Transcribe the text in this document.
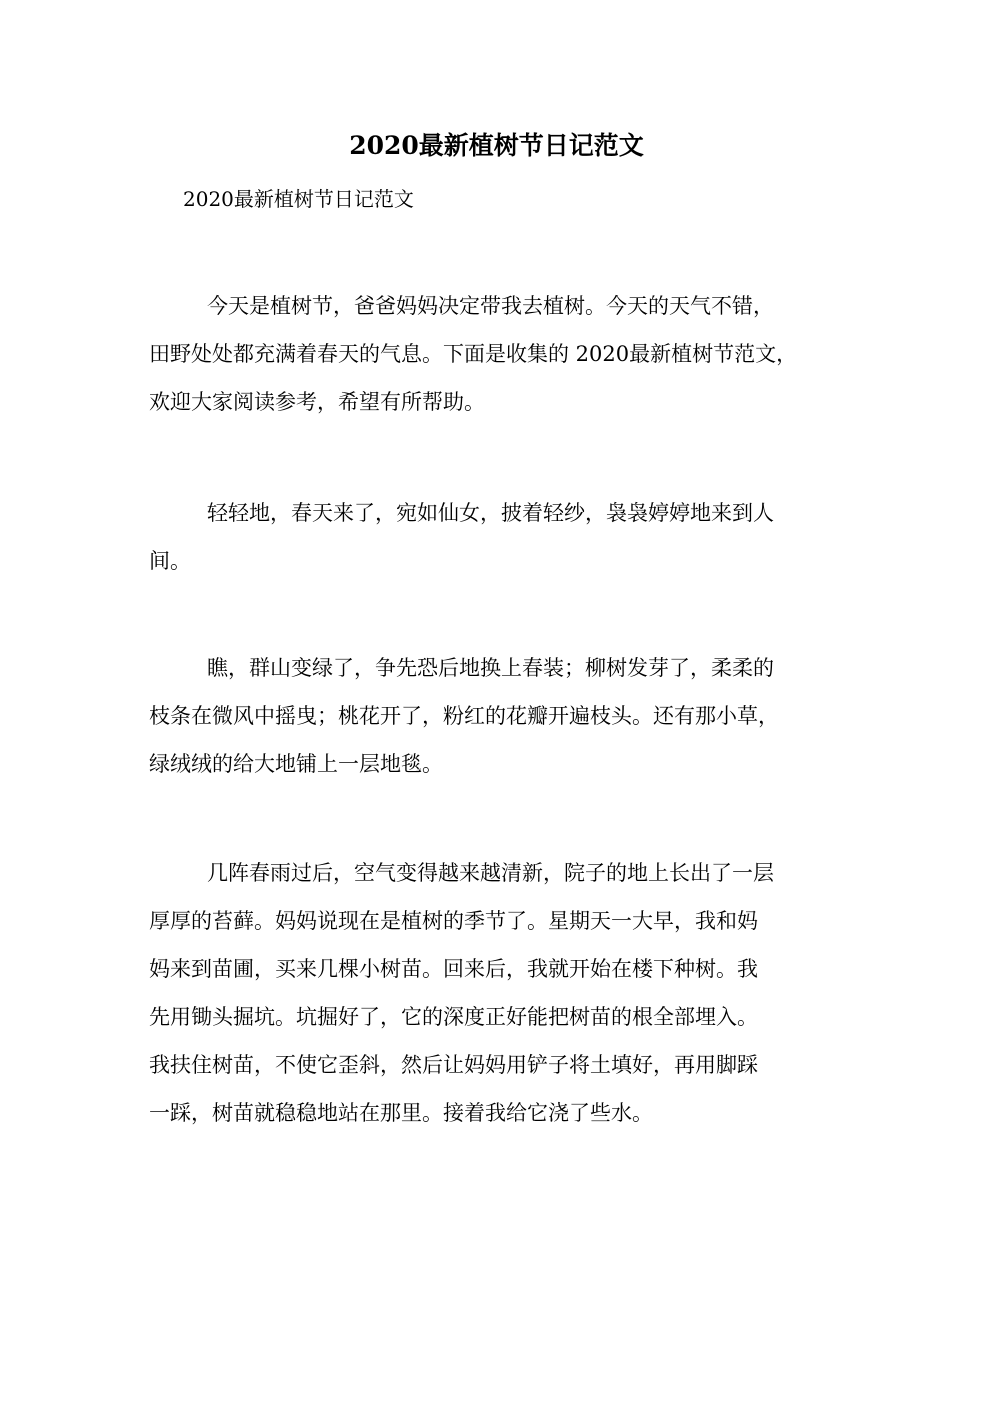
2020最新植树节日记范文
2020最新植树节日记范文
今天是植树节，爸爸妈妈决定带我去植树。今天的天气不错，
田野处处都充满着春天的气息。下面是收集的 2020最新植树节范文，
欢迎大家阅读参考，希望有所帮助。
轻轻地，春天来了，宛如仙女，披着轻纱，袅袅婷婷地来到人
间。
瞧，群山变绿了，争先恐后地换上春装；柳树发芽了，柔柔的
枝条在微风中摇曳；桃花开了，粉红的花瓣开遍枝头。还有那小草，
绿绒绒的给大地铺上一层地毯。
几阵春雨过后，空气变得越来越清新，院子的地上长出了一层
厚厚的苔藓。妈妈说现在是植树的季节了。星期天一大早，我和妈
妈来到苗圃，买来几棵小树苗。回来后，我就开始在楼下种树。我
先用锄头掘坑。坑掘好了，它的深度正好能把树苗的根全部埋入。
我扶住树苗，不使它歪斜，然后让妈妈用铲子将土填好，再用脚踩
一踩，树苗就稳稳地站在那里。接着我给它浇了些水。
